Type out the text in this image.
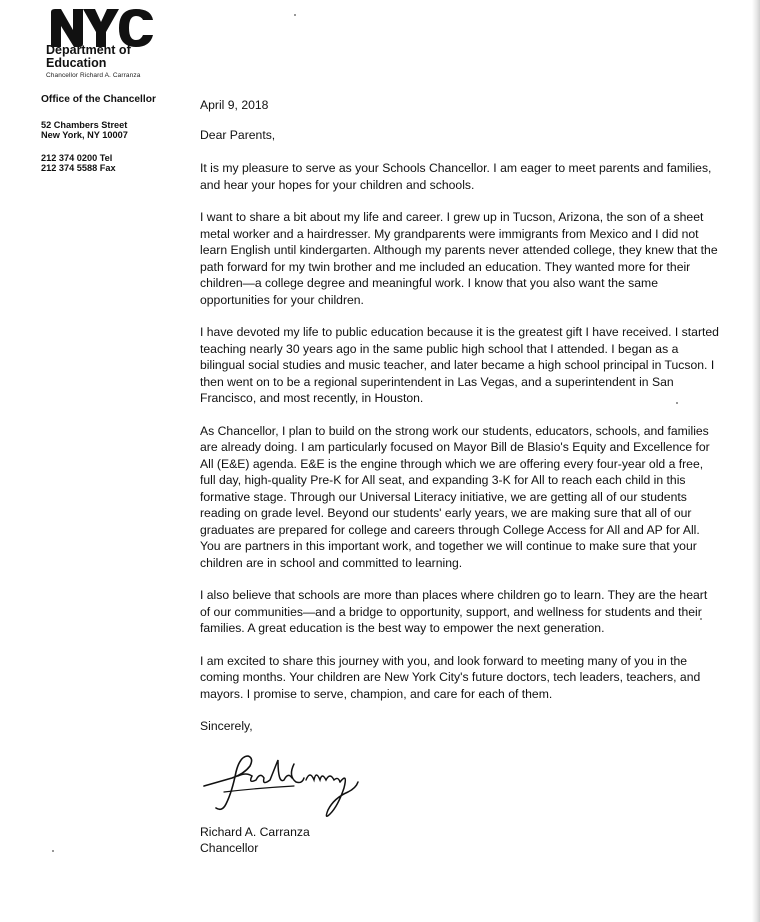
Department of
Education
Chancellor Richard A. Carranza
Office of the Chancellor
52 Chambers Street
New York, NY 10007
212 374 0200 Tel
212 374 5588 Fax

April 9, 2018

Dear Parents,

It is my pleasure to serve as your Schools Chancellor. I am eager to meet parents and families, and hear your hopes for your children and schools.

I want to share a bit about my life and career. I grew up in Tucson, Arizona, the son of a sheet metal worker and a hairdresser. My grandparents were immigrants from Mexico and I did not learn English until kindergarten. Although my parents never attended college, they knew that the path forward for my twin brother and me included an education. They wanted more for their children—a college degree and meaningful work. I know that you also want the same opportunities for your children.

I have devoted my life to public education because it is the greatest gift I have received. I started teaching nearly 30 years ago in the same public high school that I attended. I began as a bilingual social studies and music teacher, and later became a high school principal in Tucson. I then went on to be a regional superintendent in Las Vegas, and a superintendent in San Francisco, and most recently, in Houston.

As Chancellor, I plan to build on the strong work our students, educators, schools, and families are already doing. I am particularly focused on Mayor Bill de Blasio's Equity and Excellence for All (E&E) agenda. E&E is the engine through which we are offering every four-year old a free, full day, high-quality Pre-K for All seat, and expanding 3-K for All to reach each child in this formative stage. Through our Universal Literacy initiative, we are getting all of our students reading on grade level. Beyond our students' early years, we are making sure that all of our graduates are prepared for college and careers through College Access for All and AP for All. You are partners in this important work, and together we will continue to make sure that your children are in school and committed to learning.

I also believe that schools are more than places where children go to learn. They are the heart of our communities—and a bridge to opportunity, support, and wellness for students and their families. A great education is the best way to empower the next generation.

I am excited to share this journey with you, and look forward to meeting many of you in the coming months. Your children are New York City's future doctors, tech leaders, teachers, and mayors. I promise to serve, champion, and care for each of them.

Sincerely,

Richard A. Carranza
Chancellor
